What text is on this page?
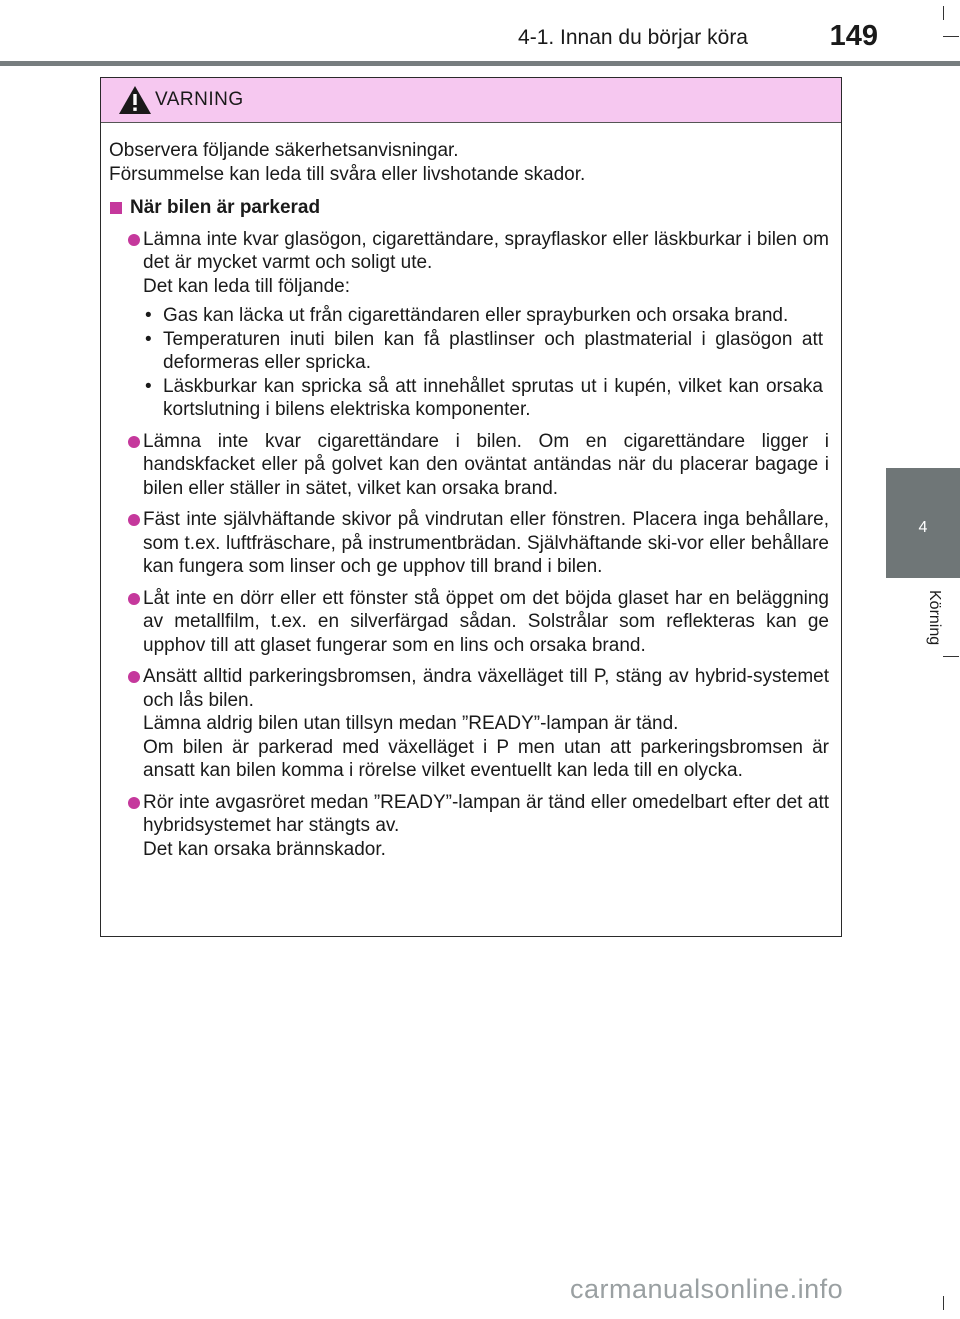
4-1. Innan du börjar köra	149
4
Körning
VARNING

Observera följande säkerhetsanvisningar.

Försummelse kan leda till svåra eller livshotande skador.

När bilen är parkerad

Lämna inte kvar glasögon, cigarettändare, sprayflaskor eller läskburkar i bilen om det är mycket varmt och soligt ute.

Det kan leda till följande:

• Gas kan läcka ut från cigarettändaren eller sprayburken och orsaka brand.
• Temperaturen inuti bilen kan få plastlinser och plastmaterial i glasögon att deformeras eller spricka.
• Läskburkar kan spricka så att innehållet sprutas ut i kupén, vilket kan orsaka kortslutning i bilens elektriska komponenter.

Lämna inte kvar cigarettändare i bilen. Om en cigarettändare ligger i handskfacket eller på golvet kan den oväntat antändas när du placerar bagage i bilen eller ställer in sätet, vilket kan orsaka brand.

Fäst inte självhäftande skivor på vindrutan eller fönstren. Placera inga behållare, som t.ex. luftfräschare, på instrumentbrädan. Självhäftande ski-vor eller behållare kan fungera som linser och ge upphov till brand i bilen.

Låt inte en dörr eller ett fönster stå öppet om det böjda glaset har en beläggning av metallfilm, t.ex. en silverfärgad sådan. Solstrålar som reflekteras kan ge upphov till att glaset fungerar som en lins och orsaka brand.

Ansätt alltid parkeringsbromsen, ändra växelläget till P, stäng av hybrid-systemet och lås bilen.

Lämna aldrig bilen utan tillsyn medan ”READY”-lampan är tänd.

Om bilen är parkerad med växelläget i P men utan att parkeringsbromsen är ansatt kan bilen komma i rörelse vilket eventuellt kan leda till en olycka.

Rör inte avgasröret medan ”READY”-lampan är tänd eller omedelbart efter det att hybridsystemet har stängts av.

Det kan orsaka brännskador.

carmanualsonline.info
